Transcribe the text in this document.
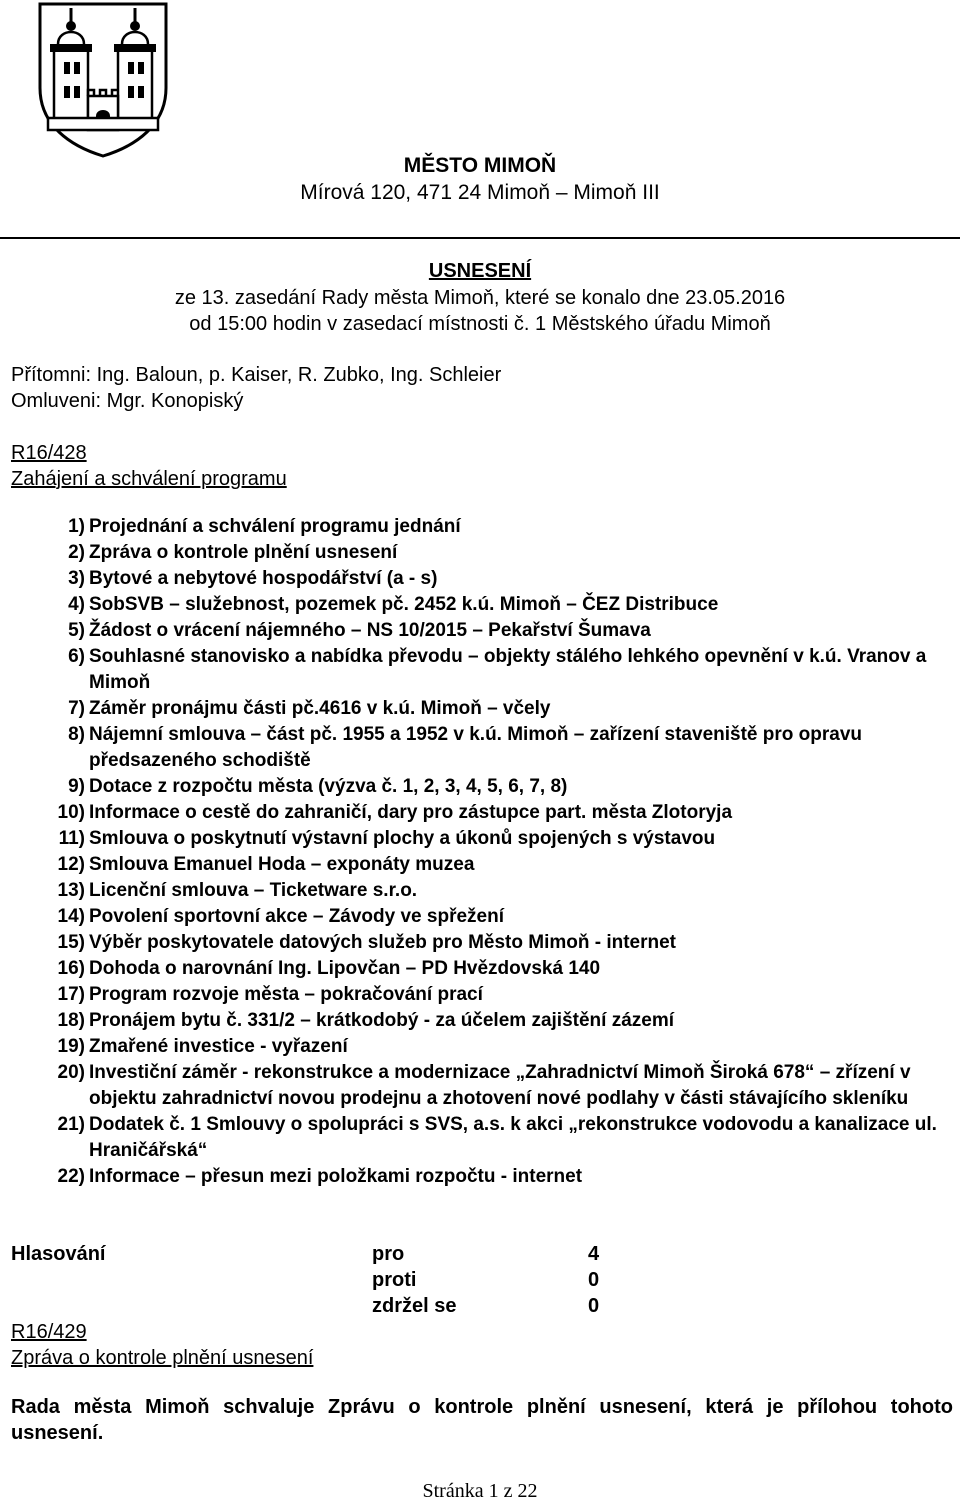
MĚSTO MIMOŇ
Mírová 120, 471 24 Mimoň – Mimoň III
USNESENÍ
ze 13. zasedání Rady města Mimoň, které se konalo dne 23.05.2016
od 15:00 hodin v zasedací místnosti č. 1 Městského úřadu Mimoň
Přítomni: Ing. Baloun, p. Kaiser, R. Zubko, Ing. Schleier
Omluveni: Mgr. Konopiský
R16/428
Zahájení a schválení programu
1) Projednání a schválení programu jednání
2) Zpráva o kontrole plnění usnesení
3) Bytové a nebytové hospodářství (a - s)
4) SobSVB – služebnost, pozemek pč. 2452 k.ú. Mimoň – ČEZ Distribuce
5) Žádost o vrácení nájemného – NS 10/2015 – Pekařství Šumava
6) Souhlasné stanovisko a nabídka převodu – objekty stálého lehkého opevnění v k.ú. Vranov a Mimoň
7) Záměr pronájmu části pč.4616 v k.ú. Mimoň – včely
8) Nájemní smlouva – část pč. 1955 a 1952 v k.ú. Mimoň – zařízení staveniště pro opravu předsazeného schodiště
9) Dotace z rozpočtu města (výzva č. 1, 2, 3, 4, 5, 6, 7, 8)
10) Informace o cestě do zahraničí, dary pro zástupce part. města Zlotoryja
11) Smlouva o poskytnutí výstavní plochy a úkonů spojených s výstavou
12) Smlouva Emanuel Hoda – exponáty muzea
13) Licenční smlouva – Ticketware s.r.o.
14) Povolení sportovní akce – Závody ve spřežení
15) Výběr poskytovatele datových služeb pro Město Mimoň - internet
16) Dohoda o narovnání Ing. Lipovčan – PD Hvězdovská 140
17) Program rozvoje města – pokračování prací
18) Pronájem bytu č. 331/2 – krátkodobý - za účelem zajištění zázemí
19) Zmařené investice - vyřazení
20) Investiční záměr - rekonstrukce a modernizace „Zahradnictví Mimoň Široká 678“ – zřízení v objektu zahradnictví novou prodejnu a zhotovení nové podlahy v části stávajícího skleníku
21) Dodatek č. 1 Smlouvy o spolupráci s SVS, a.s. k akci „rekonstrukce vodovodu a kanalizace ul. Hraničářská“
22) Informace – přesun mezi položkami rozpočtu - internet
Hlasování	pro	4
proti	0
zdržel se	0
R16/429
Zpráva o kontrole plnění usnesení
Rada města Mimoň schvaluje Zprávu o kontrole plnění usnesení, která je přílohou tohoto usnesení.
Stránka 1 z 22
